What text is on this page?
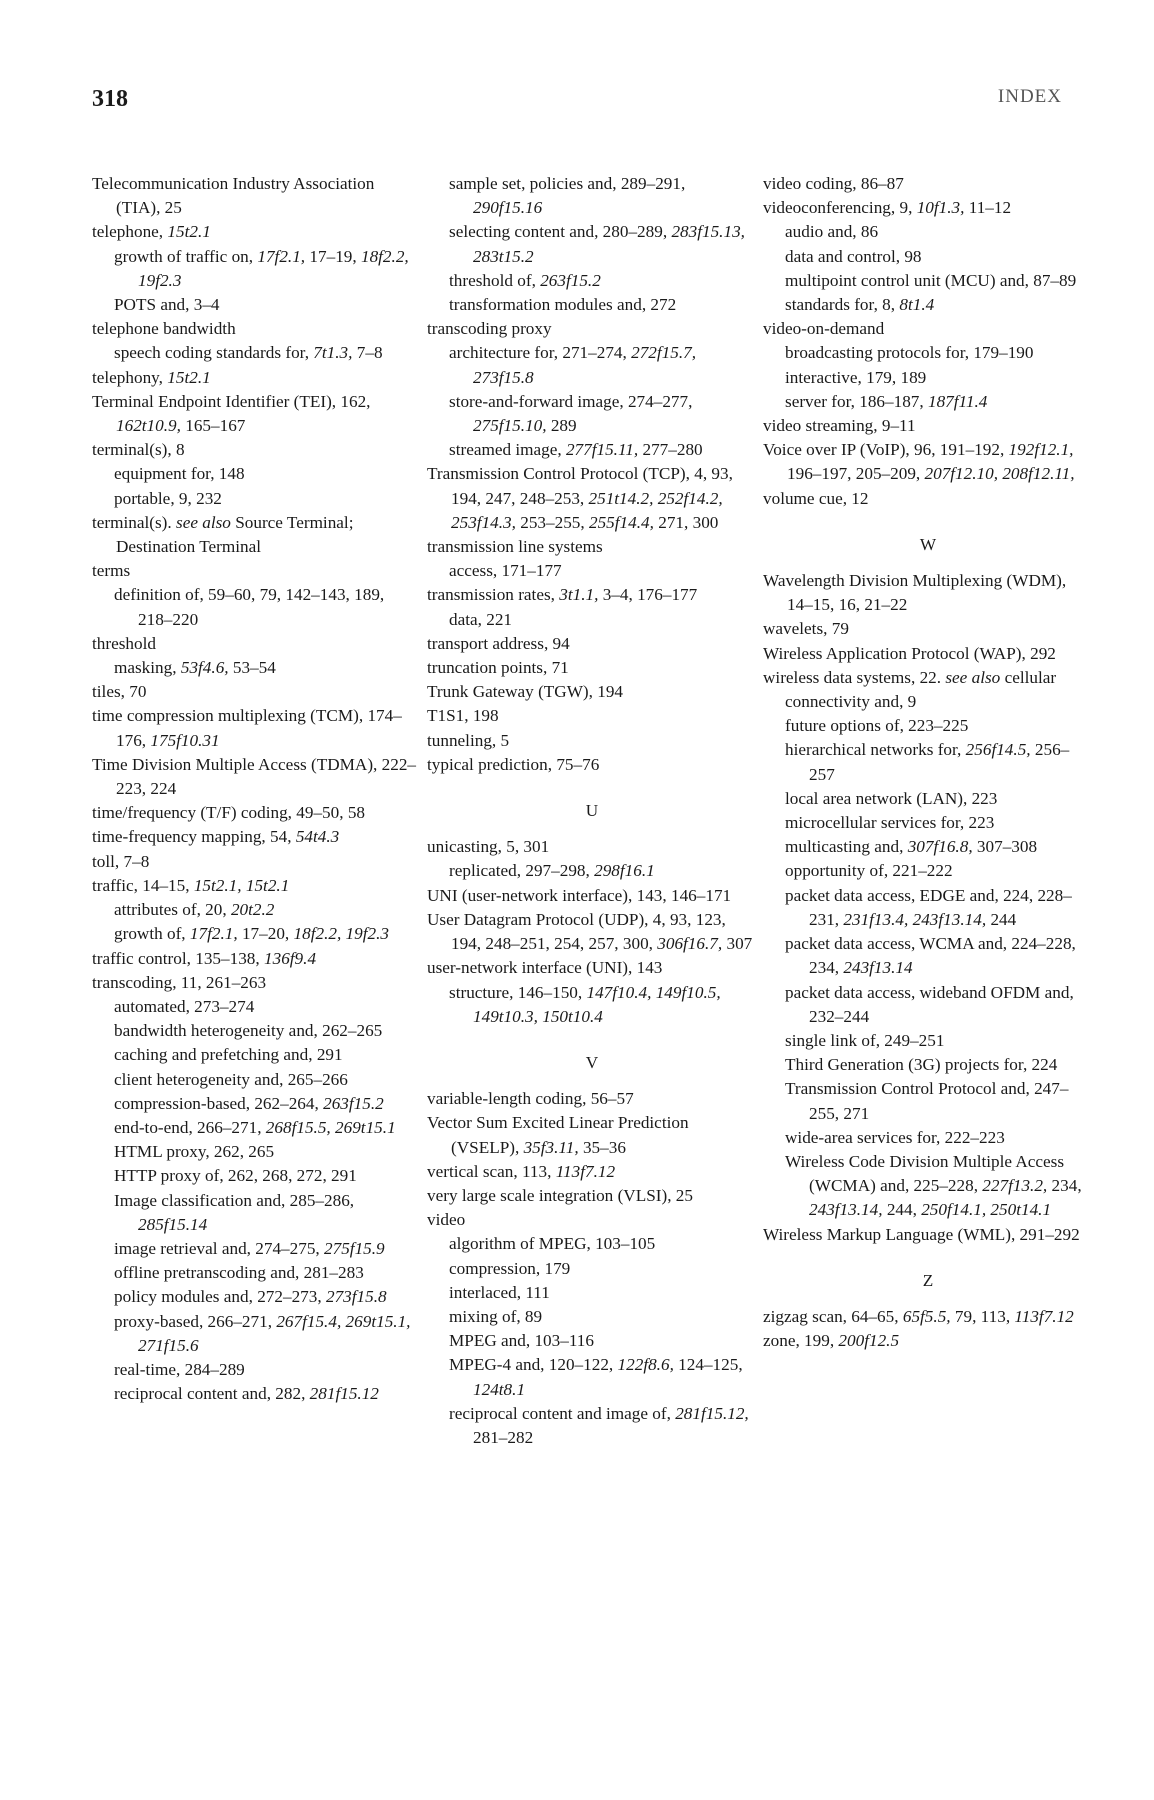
318	INDEX
Telecommunication Industry Association (TIA), 25
telephone, 15t2.1
growth of traffic on, 17f2.1, 17–19, 18f2.2, 19f2.3
POTS and, 3–4
telephone bandwidth
speech coding standards for, 7t1.3, 7–8
telephony, 15t2.1
Terminal Endpoint Identifier (TEI), 162, 162t10.9, 165–167
terminal(s), 8
equipment for, 148
portable, 9, 232
terminal(s). see also Source Terminal; Destination Terminal
terms
definition of, 59–60, 79, 142–143, 189, 218–220
threshold
masking, 53f4.6, 53–54
tiles, 70
time compression multiplexing (TCM), 174–176, 175f10.31
Time Division Multiple Access (TDMA), 222–223, 224
time/frequency (T/F) coding, 49–50, 58
time-frequency mapping, 54, 54t4.3
toll, 7–8
traffic, 14–15, 15t2.1, 15t2.1
attributes of, 20, 20t2.2
growth of, 17f2.1, 17–20, 18f2.2, 19f2.3
traffic control, 135–138, 136f9.4
transcoding, 11, 261–263
automated, 273–274
bandwidth heterogeneity and, 262–265
caching and prefetching and, 291
client heterogeneity and, 265–266
compression-based, 262–264, 263f15.2
end-to-end, 266–271, 268f15.5, 269t15.1
HTML proxy, 262, 265
HTTP proxy of, 262, 268, 272, 291
Image classification and, 285–286, 285f15.14
image retrieval and, 274–275, 275f15.9
offline pretranscoding and, 281–283
policy modules and, 272–273, 273f15.8
proxy-based, 266–271, 267f15.4, 269t15.1, 271f15.6
real-time, 284–289
reciprocal content and, 282, 281f15.12
sample set, policies and, 289–291, 290f15.16
selecting content and, 280–289, 283f15.13, 283t15.2
threshold of, 263f15.2
transformation modules and, 272
transcoding proxy
architecture for, 271–274, 272f15.7, 273f15.8
store-and-forward image, 274–277, 275f15.10, 289
streamed image, 277f15.11, 277–280
Transmission Control Protocol (TCP), 4, 93, 194, 247, 248–253, 251t14.2, 252f14.2, 253f14.3, 253–255, 255f14.4, 271, 300
transmission line systems
access, 171–177
transmission rates, 3t1.1, 3–4, 176–177
data, 221
transport address, 94
truncation points, 71
Trunk Gateway (TGW), 194
T1S1, 198
tunneling, 5
typical prediction, 75–76
U
unicasting, 5, 301
replicated, 297–298, 298f16.1
UNI (user-network interface), 143, 146–171
User Datagram Protocol (UDP), 4, 93, 123, 194, 248–251, 254, 257, 300, 306f16.7, 307
user-network interface (UNI), 143
structure, 146–150, 147f10.4, 149f10.5, 149t10.3, 150t10.4
V
variable-length coding, 56–57
Vector Sum Excited Linear Prediction (VSELP), 35f3.11, 35–36
vertical scan, 113, 113f7.12
very large scale integration (VLSI), 25
video
algorithm of MPEG, 103–105
compression, 179
interlaced, 111
mixing of, 89
MPEG and, 103–116
MPEG-4 and, 120–122, 122f8.6, 124–125, 124t8.1
reciprocal content and image of, 281f15.12, 281–282
video coding, 86–87
videoconferencing, 9, 10f1.3, 11–12
audio and, 86
data and control, 98
multipoint control unit (MCU) and, 87–89
standards for, 8, 8t1.4
video-on-demand
broadcasting protocols for, 179–190
interactive, 179, 189
server for, 186–187, 187f11.4
video streaming, 9–11
Voice over IP (VoIP), 96, 191–192, 192f12.1, 196–197, 205–209, 207f12.10, 208f12.11,
volume cue, 12
W
Wavelength Division Multiplexing (WDM), 14–15, 16, 21–22
wavelets, 79
Wireless Application Protocol (WAP), 292
wireless data systems, 22. see also cellular
connectivity and, 9
future options of, 223–225
hierarchical networks for, 256f14.5, 256–257
local area network (LAN), 223
microcellular services for, 223
multicasting and, 307f16.8, 307–308
opportunity of, 221–222
packet data access, EDGE and, 224, 228–231, 231f13.4, 243f13.14, 244
packet data access, WCMA and, 224–228, 234, 243f13.14
packet data access, wideband OFDM and, 232–244
single link of, 249–251
Third Generation (3G) projects for, 224
Transmission Control Protocol and, 247–255, 271
wide-area services for, 222–223
Wireless Code Division Multiple Access (WCMA) and, 225–228, 227f13.2, 234, 243f13.14, 244, 250f14.1, 250t14.1
Wireless Markup Language (WML), 291–292
Z
zigzag scan, 64–65, 65f5.5, 79, 113, 113f7.12
zone, 199, 200f12.5
